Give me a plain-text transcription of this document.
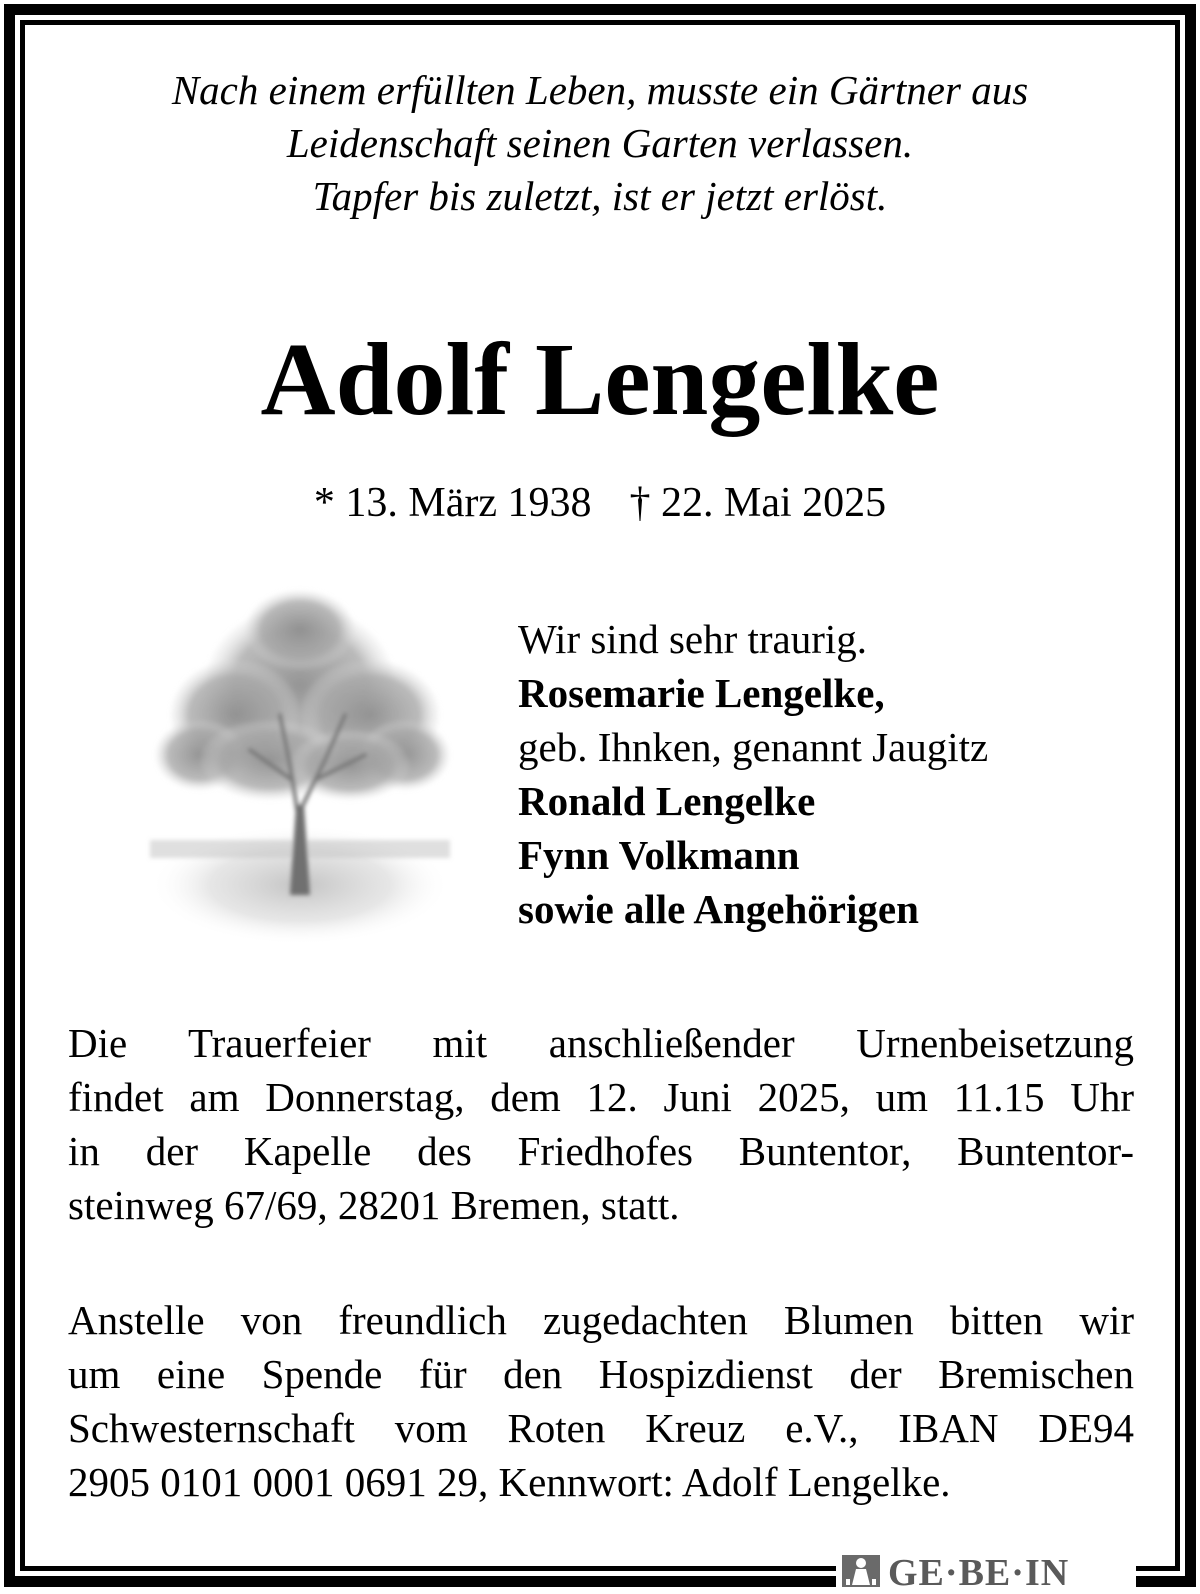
Nach einem erfüllten Leben, musste ein Gärtner aus
Leidenschaft seinen Garten verlassen.
Tapfer bis zuletzt, ist er jetzt erlöst.
Adolf Lengelke
* 13. März 1938 † 22. Mai 2025
Wir sind sehr traurig.
Rosemarie Lengelke,
geb. Ihnken, genannt Jaugitz
Ronald Lengelke
Fynn Volkmann
sowie alle Angehörigen
Die Trauerfeier mit anschließender Urnenbeisetzung
findet am Donnerstag, dem 12. Juni 2025, um 11.15 Uhr
in der Kapelle des Friedhofes Buntentor, Buntentor-
steinweg 67/69, 28201 Bremen, statt.
Anstelle von freundlich zugedachten Blumen bitten wir
um eine Spende für den Hospizdienst der Bremischen
Schwesternschaft vom Roten Kreuz e.V., IBAN DE94
2905 0101 0001 0691 29, Kennwort: Adolf Lengelke.
GE·BE·IN
